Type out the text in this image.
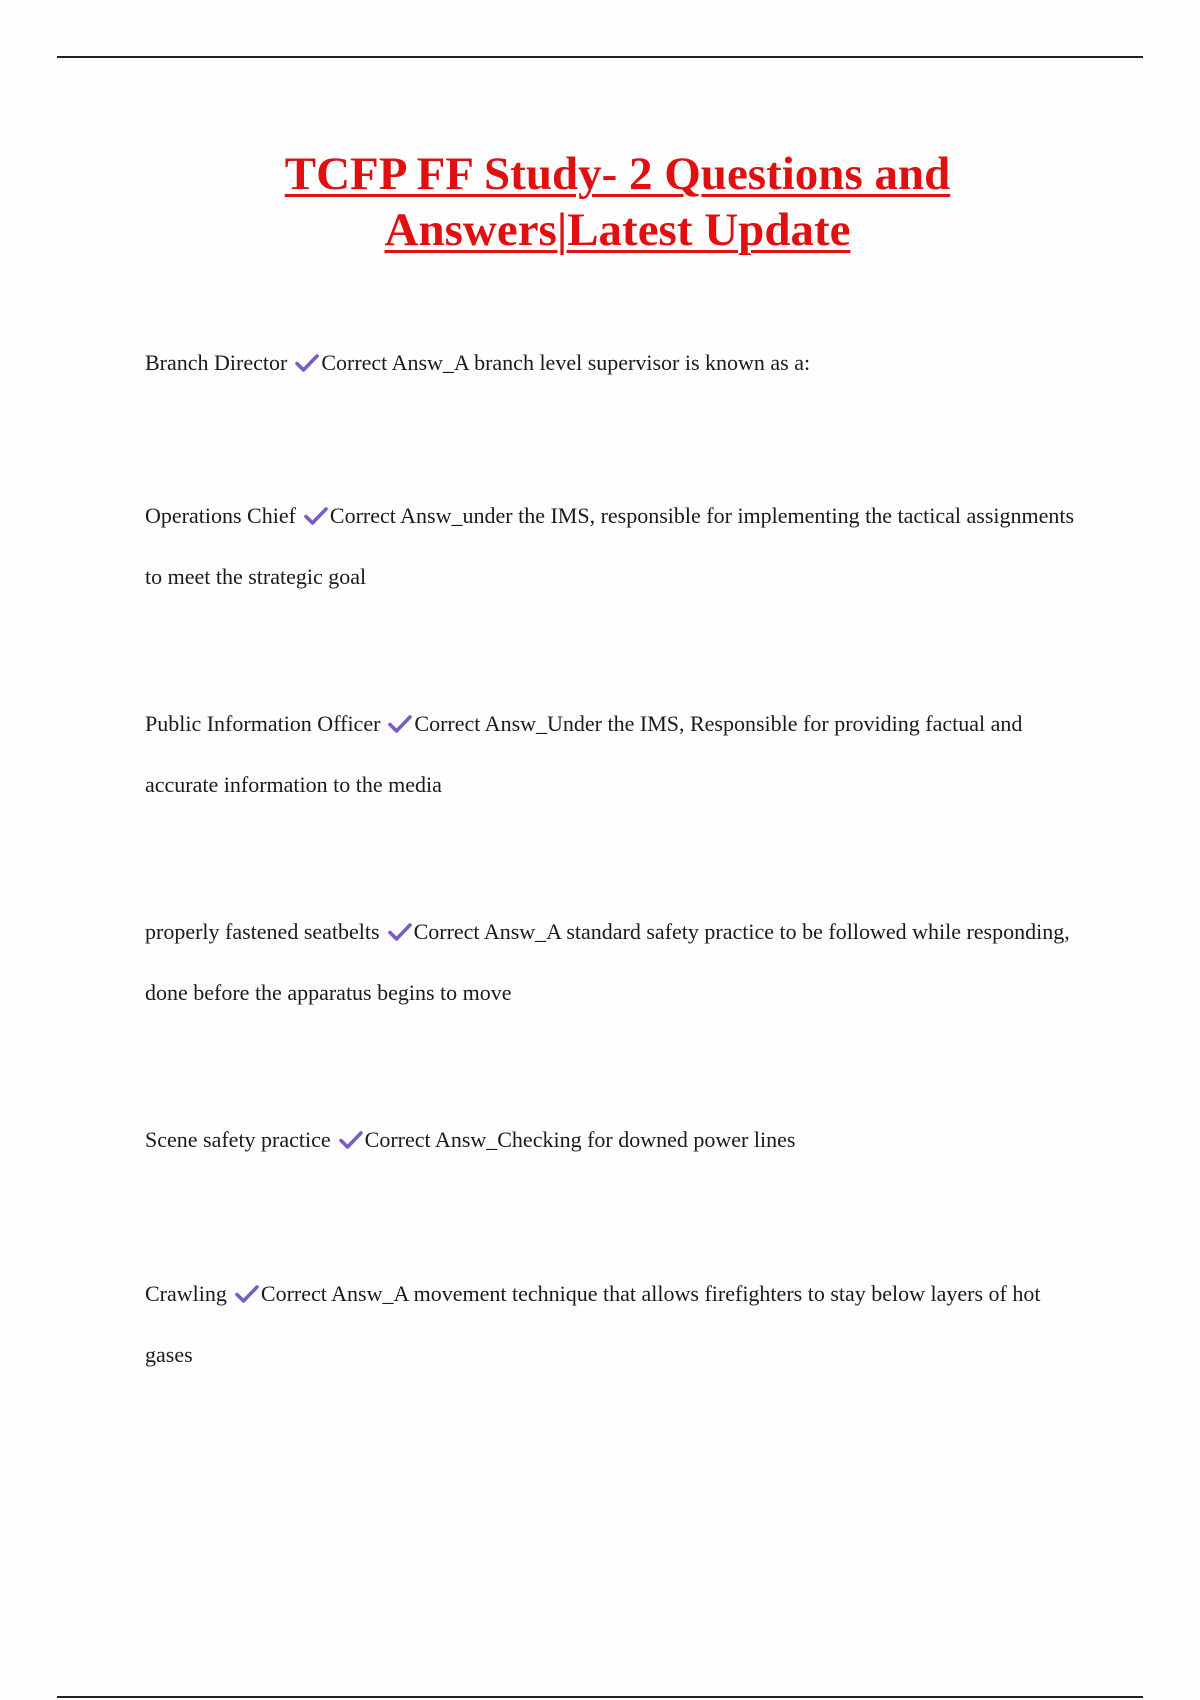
TCFP FF Study- 2 Questions and Answers|Latest Update

Branch Director Correct Answ_A branch level supervisor is known as a:

Operations Chief Correct Answ_under the IMS, responsible for implementing the tactical assignments to meet the strategic goal

Public Information Officer Correct Answ_Under the IMS, Responsible for providing factual and accurate information to the media

properly fastened seatbelts Correct Answ_A standard safety practice to be followed while responding, done before the apparatus begins to move

Scene safety practice Correct Answ_Checking for downed power lines

Crawling Correct Answ_A movement technique that allows firefighters to stay below layers of hot gases
